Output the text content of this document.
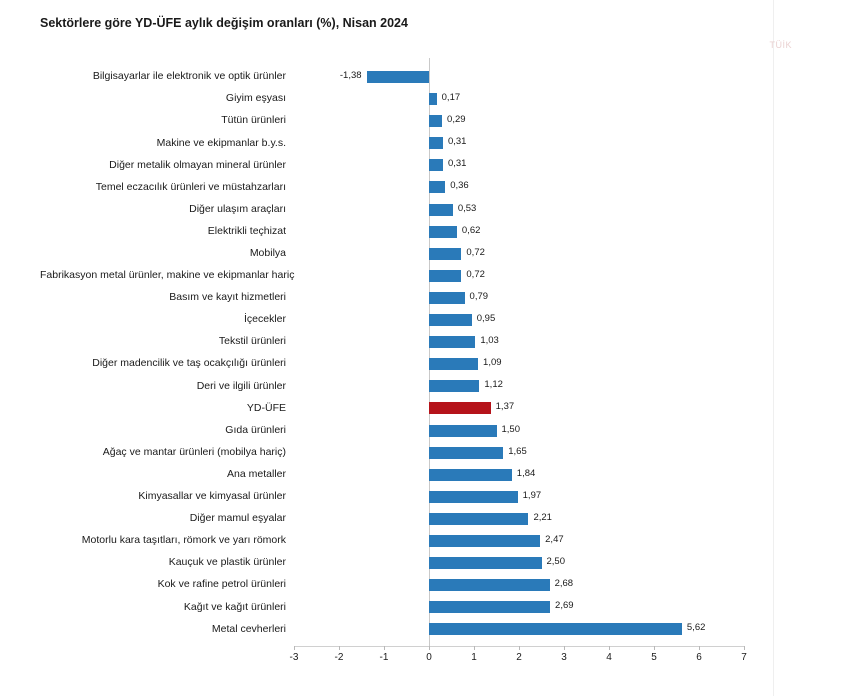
Sektörlere göre YD-ÜFE aylık değişim oranları (%), Nisan 2024
TÜİK
Bilgisayarlar ile elektronik ve optik ürünler	-1,38
Giyim eşyası	0,17
Tütün ürünleri	0,29
Makine ve ekipmanlar b.y.s.	0,31
Diğer metalik olmayan mineral ürünler	0,31
Temel eczacılık ürünleri ve müstahzarları	0,36
Diğer ulaşım araçları	0,53
Elektrikli teçhizat	0,62
Mobilya	0,72
Fabrikasyon metal ürünler, makine ve ekipmanlar hariç	0,72
Basım ve kayıt hizmetleri	0,79
İçecekler	0,95
Tekstil ürünleri	1,03
Diğer madencilik ve taş ocakçılığı ürünleri	1,09
Deri ve ilgili ürünler	1,12
YD-ÜFE	1,37
Gıda ürünleri	1,50
Ağaç ve mantar ürünleri (mobilya hariç)	1,65
Ana metaller	1,84
Kimyasallar ve kimyasal ürünler	1,97
Diğer mamul eşyalar	2,21
Motorlu kara taşıtları, römork ve yarı römork	2,47
Kauçuk ve plastik ürünler	2,50
Kok ve rafine petrol ürünleri	2,68
Kağıt ve kağıt ürünleri	2,69
Metal cevherleri	5,62
-3	-2	-1	0	1	2	3	4	5	6	7
